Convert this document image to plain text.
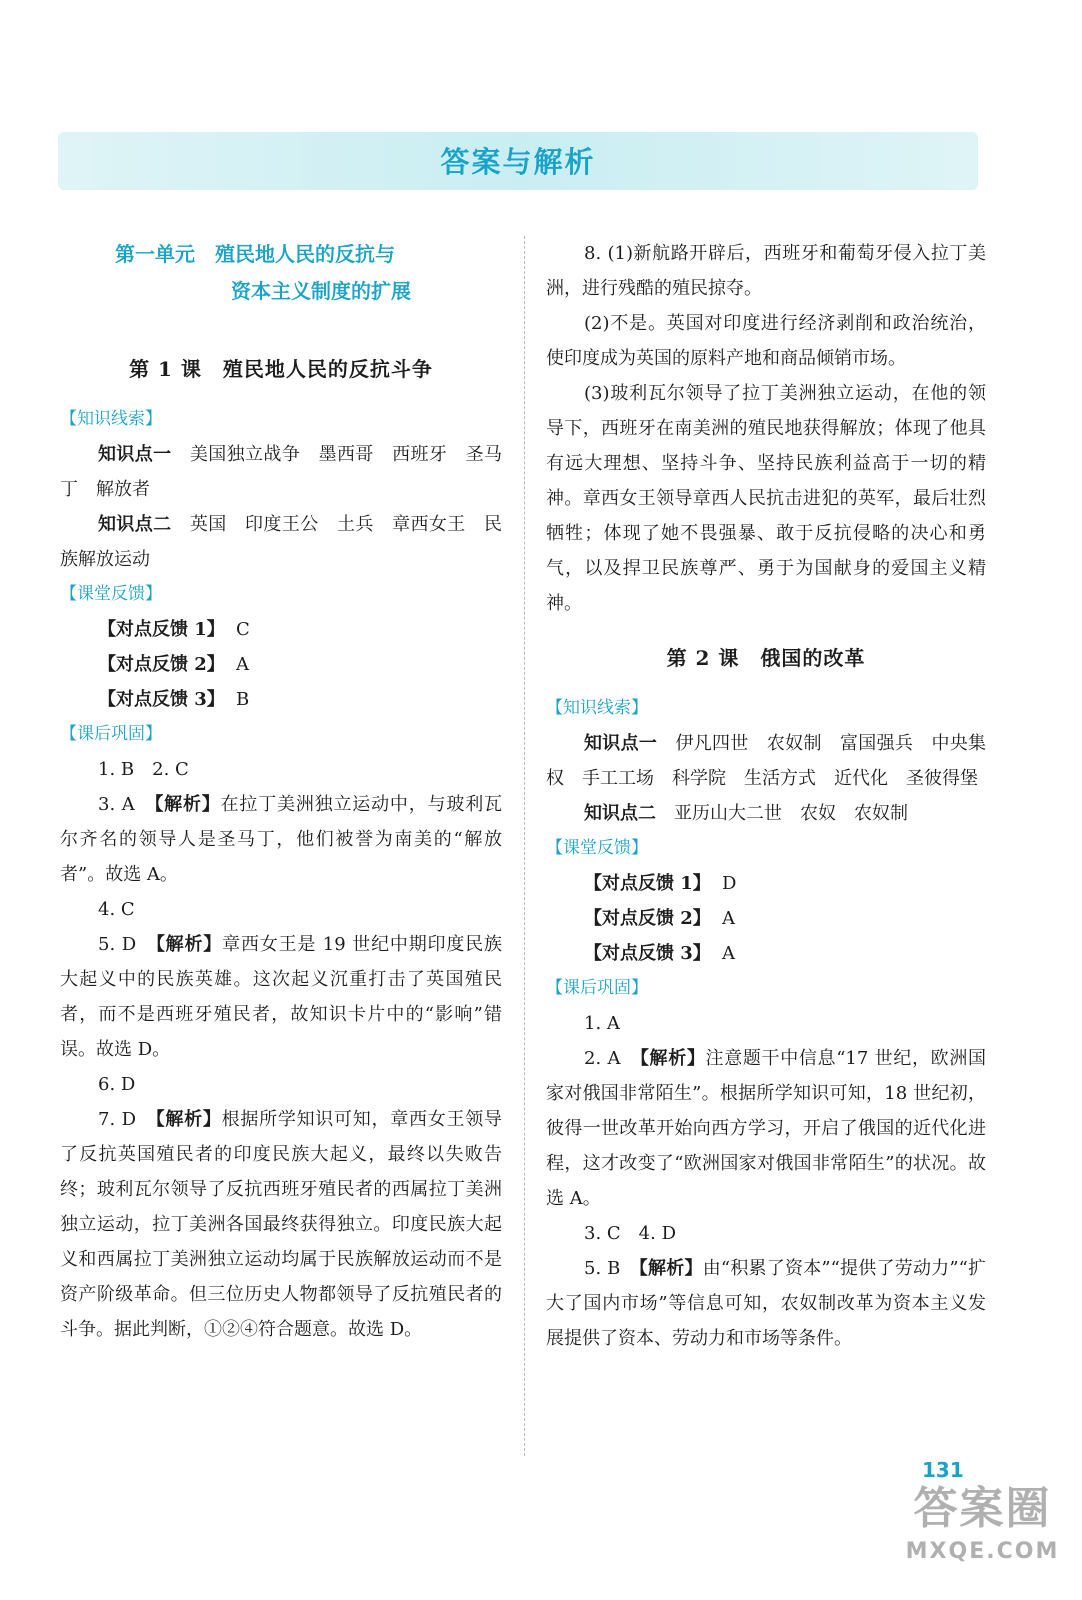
答案与解析
第一单元　殖民地人民的反抗与
资本主义制度的扩展
第 1 课　殖民地人民的反抗斗争
【知识线索】

知识点一　美国独立战争　墨西哥　西班牙　圣马丁　解放者

知识点二　英国　印度王公　土兵　章西女王　民族解放运动

【课堂反馈】
【对点反馈 1】 C
【对点反馈 2】 A
【对点反馈 3】 B
【课后巩固】

1. B　2. C

3. A　【解析】在拉丁美洲独立运动中，与玻利瓦尔齐名的领导人是圣马丁，他们被誉为南美的“解放者”。故选 A。

4. C

5. D　【解析】章西女王是 19 世纪中期印度民族大起义中的民族英雄。这次起义沉重打击了英国殖民者，而不是西班牙殖民者，故知识卡片中的“影响”错误。故选 D。

6. D

7. D　【解析】根据所学知识可知，章西女王领导了反抗英国殖民者的印度民族大起义，最终以失败告终；玻利瓦尔领导了反抗西班牙殖民者的西属拉丁美洲独立运动，拉丁美洲各国最终获得独立。印度民族大起义和西属拉丁美洲独立运动均属于民族解放运动而不是资产阶级革命。但三位历史人物都领导了反抗殖民者的斗争。据此判断，①②④符合题意。故选 D。

8. (1)新航路开辟后，西班牙和葡萄牙侵入拉丁美洲，进行残酷的殖民掠夺。

(2)不是。英国对印度进行经济剥削和政治统治，使印度成为英国的原料产地和商品倾销市场。

(3)玻利瓦尔领导了拉丁美洲独立运动，在他的领导下，西班牙在南美洲的殖民地获得解放；体现了他具有远大理想、坚持斗争、坚持民族利益高于一切的精神。章西女王领导章西人民抗击进犯的英军，最后壮烈牺牲；体现了她不畏强暴、敢于反抗侵略的决心和勇气，以及捍卫民族尊严、勇于为国献身的爱国主义精神。

第 2 课　俄国的改革
【知识线索】

知识点一　伊凡四世　农奴制　富国强兵　中央集权　手工工场　科学院　生活方式　近代化　圣彼得堡

知识点二　亚历山大二世　农奴　农奴制

【课堂反馈】
【对点反馈 1】 D
【对点反馈 2】 A
【对点反馈 3】 A
【课后巩固】

1. A

2. A　【解析】注意题干中信息“17 世纪，欧洲国家对俄国非常陌生”。根据所学知识可知，18 世纪初，彼得一世改革开始向西方学习，开启了俄国的近代化进程，这才改变了“欧洲国家对俄国非常陌生”的状况。故选 A。

3. C　4. D

5. B　【解析】由“积累了资本”“提供了劳动力”“扩大了国内市场”等信息可知，农奴制改革为资本主义发展提供了资本、劳动力和市场等条件。

131
答案圈
MXQE.COM
